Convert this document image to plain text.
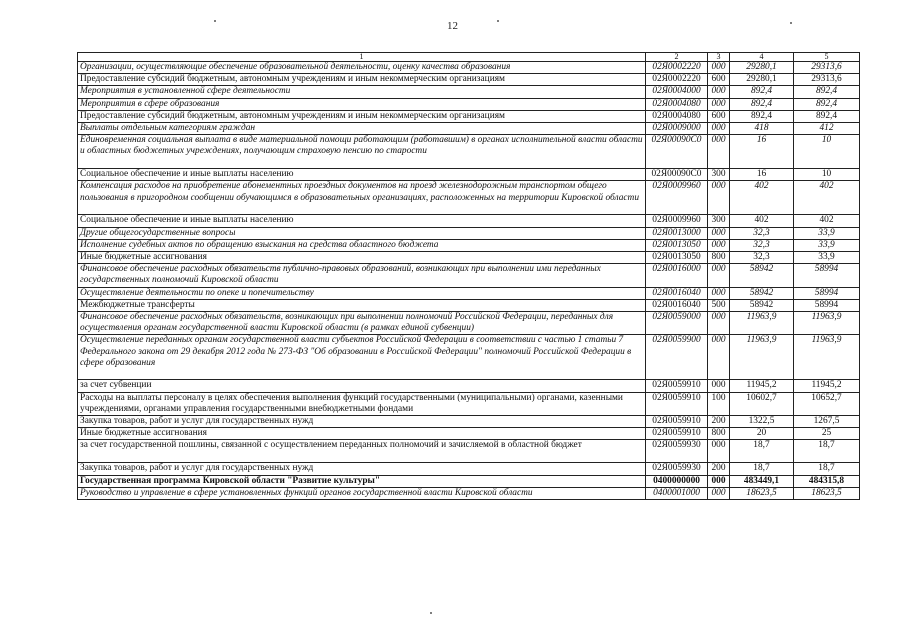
12
1	2	3	4	5
Организации, осуществляющие обеспечение образовательной деятельности, оценку качества образования	02Я0002220	000	29280,1	29313,6
Предоставление субсидий бюджетным, автономным учреждениям и иным некоммерческим организациям	02Я0002220	600	29280,1	29313,6
Мероприятия в установленной сфере деятельности	02Я0004000	000	892,4	892,4
Мероприятия в сфере образования	02Я0004080	000	892,4	892,4
Предоставление субсидий бюджетным, автономным учреждениям и иным некоммерческим организациям	02Я0004080	600	892,4	892,4
Выплаты отдельным категориям граждан	02Я0009000	000	418	412
Единовременная социальная выплата в виде материальной помощи работающим (работавшим) в органах исполнительной власти области и областных бюджетных учреждениях, получающим страховую пенсию по старости	02Я00090С0	000	16	10
Социальное обеспечение и иные выплаты населению	02Я00090С0	300	16	10
Компенсация расходов на приобретение абонементных проездных документов на проезд железнодорожным транспортом общего пользования в пригородном сообщении обучающимся в образовательных организациях, расположенных на территории Кировской области	02Я0009960	000	402	402
Социальное обеспечение и иные выплаты населению	02Я0009960	300	402	402
Другие общегосударственные вопросы	02Я0013000	000	32,3	33,9
Исполнение судебных актов по обращению взыскания на средства областного бюджета	02Я0013050	000	32,3	33,9
Иные бюджетные ассигнования	02Я0013050	800	32,3	33,9
Финансовое обеспечение расходных обязательств публично-правовых образований, возникающих при выполнении ими переданных государственных полномочий Кировской области	02Я0016000	000	58942	58994
Осуществление деятельности по опеке и попечительству	02Я0016040	000	58942	58994
Межбюджетные трансферты	02Я0016040	500	58942	58994
Финансовое обеспечение расходных обязательств, возникающих при выполнении полномочий Российской Федерации, переданных для осуществления органам государственной власти Кировской области (в рамках единой субвенции)	02Я0059000	000	11963,9	11963,9
Осуществление переданных органам государственной власти субъектов Российской Федерации в соответствии с частью 1 статьи 7 Федерального закона от 29 декабря 2012 года № 273-ФЗ "Об образовании в Российской Федерации" полномочий Российской Федерации в сфере образования	02Я0059900	000	11963,9	11963,9
за счет субвенции	02Я0059910	000	11945,2	11945,2
Расходы на выплаты персоналу в целях обеспечения выполнения функций государственными (муниципальными) органами, казенными учреждениями, органами управления государственными внебюджетными фондами	02Я0059910	100	10602,7	10652,7
Закупка товаров, работ и услуг для государственных нужд	02Я0059910	200	1322,5	1267,5
Иные бюджетные ассигнования	02Я0059910	800	20	25
за счет государственной пошлины, связанной с осуществлением переданных полномочий и зачисляемой в областной бюджет	02Я0059930	000	18,7	18,7
Закупка товаров, работ и услуг для государственных нужд	02Я0059930	200	18,7	18,7
Государственная программа Кировской области "Развитие культуры"	0400000000	000	483449,1	484315,8
Руководство и управление в сфере установленных функций органов государственной власти Кировской области	0400001000	000	18623,5	18623,5
